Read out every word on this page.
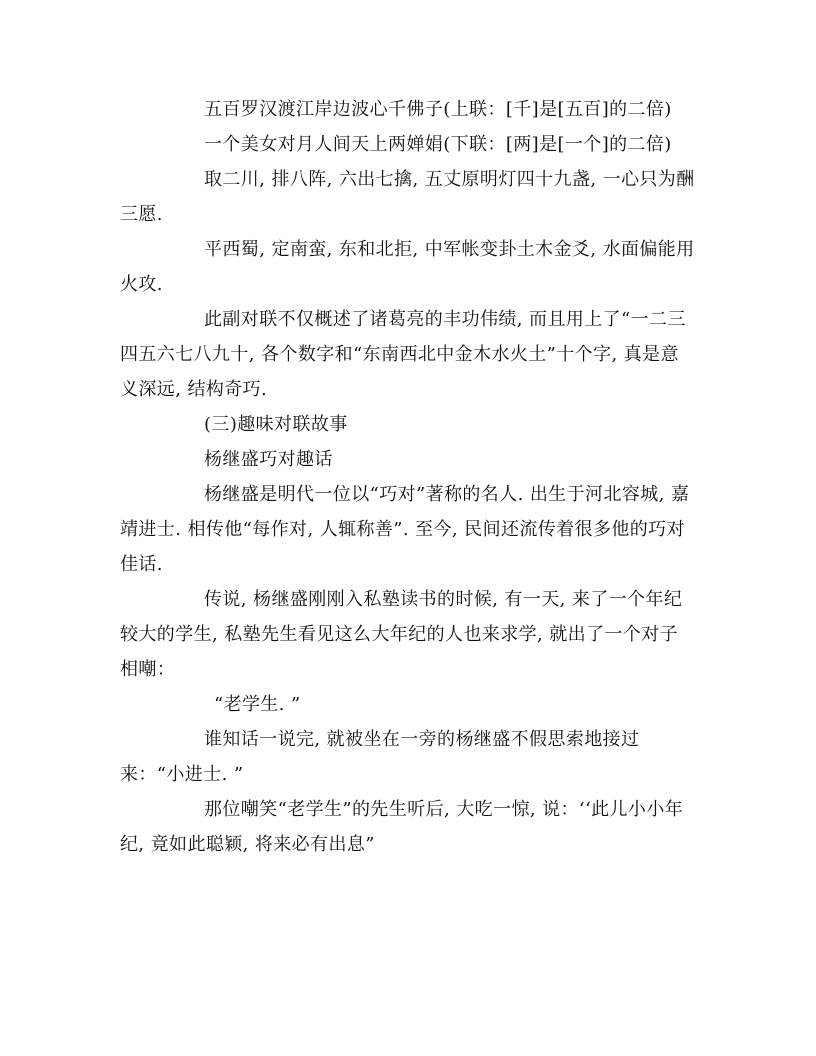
五百罗汉渡江岸边波心千佛子(上联：[千]是[五百]的二倍)

一个美女对月人间天上两婵娟(下联：[两]是[一个]的二倍)

取二川, 排八阵, 六出七擒, 五丈原明灯四十九盏, 一心只为酬三愿.

平西蜀, 定南蛮, 东和北拒, 中军帐变卦土木金爻, 水面偏能用火攻.

此副对联不仅概述了诸葛亮的丰功伟绩, 而且用上了“一二三四五六七八九十, 各个数字和“东南西北中金木水火土”十个字, 真是意义深远, 结构奇巧.

(三)趣味对联故事

杨继盛巧对趣话

杨继盛是明代一位以“巧对”著称的名人. 出生于河北容城, 嘉靖进士. 相传他“每作对, 人辄称善”. 至今, 民间还流传着很多他的巧对佳话.

传说, 杨继盛刚刚入私塾读书的时候, 有一天, 来了一个年纪较大的学生, 私塾先生看见这么大年纪的人也来求学, 就出了一个对子相嘲：

“老学生. ”

谁知话一说完, 就被坐在一旁的杨继盛不假思索地接过来：“小进士. ”

那位嘲笑“老学生”的先生听后, 大吃一惊, 说：‘‘此儿小小年纪, 竟如此聪颖, 将来必有出息”
